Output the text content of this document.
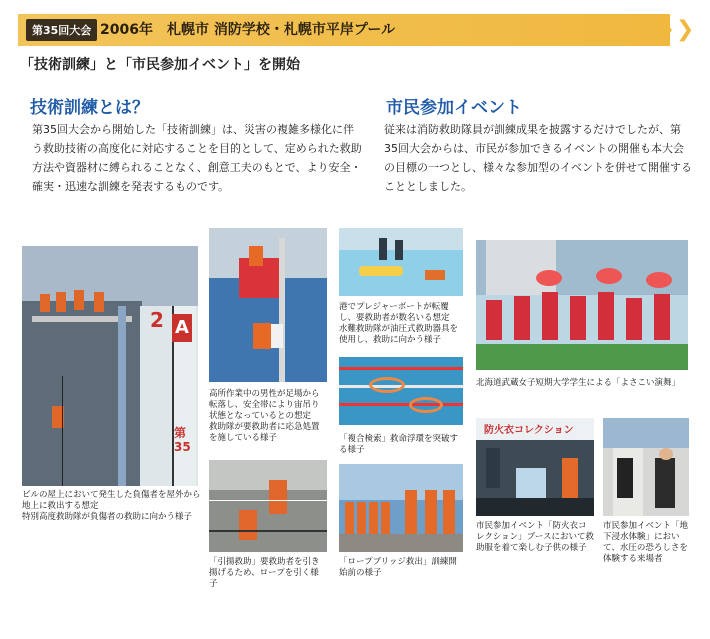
❯
第35回大会 2006年　札幌市 消防学校・札幌市平岸プール
「技術訓練」と「市民参加イベント」を開始
技術訓練とは？
第35回大会から開始した「技術訓練」は、災害の複雑多様化に伴う救助技術の高度化に対応することを目的として、定められた救助方法や資器材に縛られることなく、創意工夫のもとで、より安全・確実・迅速な訓練を発表するものです。
市民参加イベント
従来は消防救助隊員が訓練成果を披露するだけでしたが、第35回大会からは、市民が参加できるイベントの開催も本大会の目標の一つとし、様々な参加型のイベントを併せて開催することとしました。
A
2
第35
ビルの屋上において発生した負傷者を屋外から地上に救出する想定
特別高度救助隊が負傷者の救助に向かう様子
高所作業中の男性が足場から転落し、安全帯により宙吊り状態となっているとの想定
救助隊が要救助者に応急処置を施している様子
港でプレジャーボートが転覆し、要救助者が数名いる想定
水難救助隊が油圧式救助器具を使用し、救助に向かう様子
「複合検索」救命浮環を突破する様子
北海道武蔵女子短期大学学生による「よさこい演舞」
「引揚救助」要救助者を引き揚げるため、ロープを引く様子
「ロープブリッジ救出」訓練開始前の様子
防火衣コレクション
市民参加イベント「防火衣コレクション」ブースにおいて救助服を着て楽しむ子供の様子
市民参加イベント「地下浸水体験」において、水圧の恐ろしさを体験する来場者
